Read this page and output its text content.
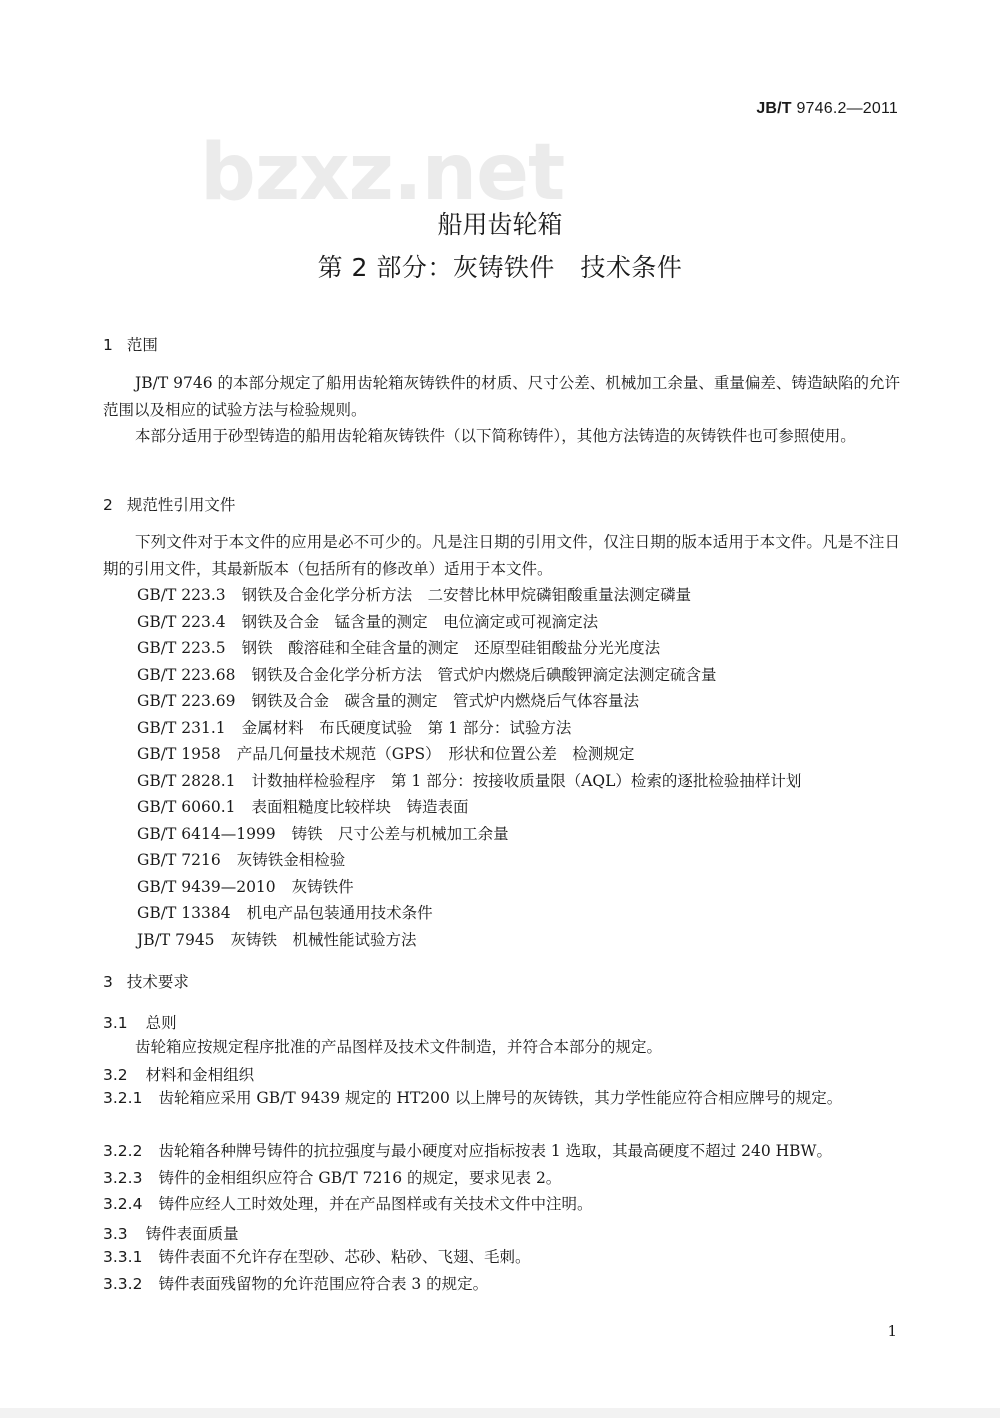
bzxz.net
JB/T 9746.2—2011
船用齿轮箱
第 2 部分：灰铸铁件　技术条件
1 范围
JB/T 9746 的本部分规定了船用齿轮箱灰铸铁件的材质、尺寸公差、机械加工余量、重量偏差、铸造缺陷的允许范围以及相应的试验方法与检验规则。
本部分适用于砂型铸造的船用齿轮箱灰铸铁件（以下简称铸件），其他方法铸造的灰铸铁件也可参照使用。
2 规范性引用文件
下列文件对于本文件的应用是必不可少的。凡是注日期的引用文件，仅注日期的版本适用于本文件。凡是不注日期的引用文件，其最新版本（包括所有的修改单）适用于本文件。
GB/T 223.3 钢铁及合金化学分析方法　二安替比林甲烷磷钼酸重量法测定磷量
GB/T 223.4 钢铁及合金　锰含量的测定　电位滴定或可视滴定法
GB/T 223.5 钢铁　酸溶硅和全硅含量的测定　还原型硅钼酸盐分光光度法
GB/T 223.68 钢铁及合金化学分析方法　管式炉内燃烧后碘酸钾滴定法测定硫含量
GB/T 223.69 钢铁及合金　碳含量的测定　管式炉内燃烧后气体容量法
GB/T 231.1 金属材料　布氏硬度试验　第 1 部分：试验方法
GB/T 1958 产品几何量技术规范（GPS）　形状和位置公差　检测规定
GB/T 2828.1 计数抽样检验程序　第 1 部分：按接收质量限（AQL）检索的逐批检验抽样计划
GB/T 6060.1 表面粗糙度比较样块　铸造表面
GB/T 6414—1999 铸铁　尺寸公差与机械加工余量
GB/T 7216 灰铸铁金相检验
GB/T 9439—2010 灰铸铁件
GB/T 13384 机电产品包装通用技术条件
JB/T 7945 灰铸铁　机械性能试验方法
3 技术要求
3.1 总则
齿轮箱应按规定程序批准的产品图样及技术文件制造，并符合本部分的规定。
3.2 材料和金相组织
3.2.1 齿轮箱应采用 GB/T 9439 规定的 HT200 以上牌号的灰铸铁，其力学性能应符合相应牌号的规定。
3.2.2 齿轮箱各种牌号铸件的抗拉强度与最小硬度对应指标按表 1 选取，其最高硬度不超过 240 HBW。
3.2.3 铸件的金相组织应符合 GB/T 7216 的规定，要求见表 2。
3.2.4 铸件应经人工时效处理，并在产品图样或有关技术文件中注明。
3.3 铸件表面质量
3.3.1 铸件表面不允许存在型砂、芯砂、粘砂、飞翅、毛刺。
3.3.2 铸件表面残留物的允许范围应符合表 3 的规定。
1
